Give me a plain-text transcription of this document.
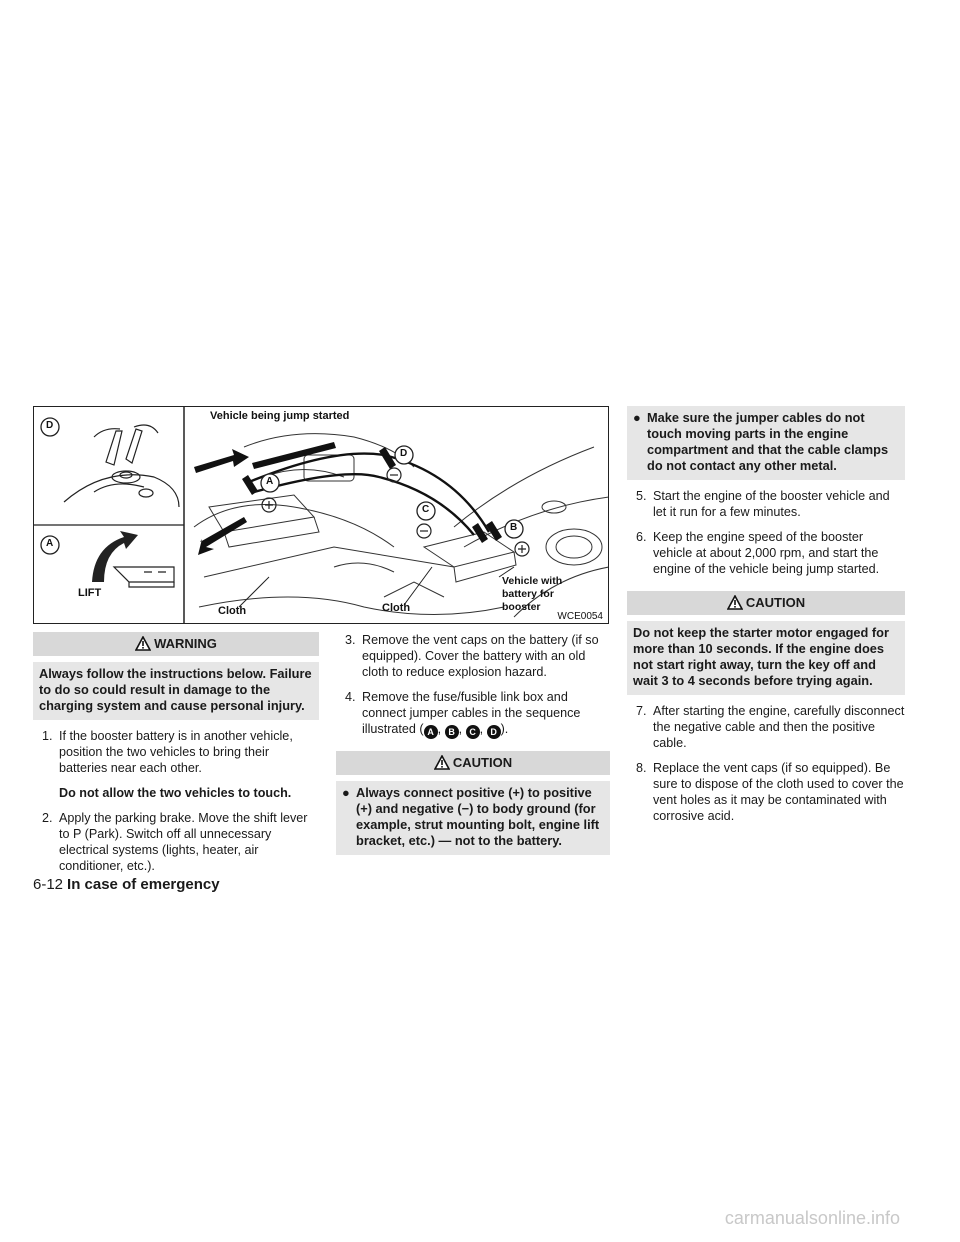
Vehicle being jump started
Vehicle with
battery for
booster
Cloth	Cloth
LIFT
A
D
C
B
D
A
WCE0054
WARNING
Always follow the instructions below. Failure to do so could result in damage to the charging system and cause personal injury.
1. If the booster battery is in another vehicle, position the two vehicles to bring their batteries near each other.
Do not allow the two vehicles to touch.
2. Apply the parking brake. Move the shift lever to P (Park). Switch off all unnecessary electrical systems (lights, heater, air conditioner, etc.).
3. Remove the vent caps on the battery (if so equipped). Cover the battery with an old cloth to reduce explosion hazard.
4. Remove the fuse/fusible link box and connect jumper cables in the sequence illustrated ( A , B , C , D ).
CAUTION
● Always connect positive (+) to positive (+) and negative (−) to body ground (for example, strut mounting bolt, engine lift bracket, etc.) — not to the battery.
● Make sure the jumper cables do not touch moving parts in the engine compartment and that the cable clamps do not contact any other metal.
5. Start the engine of the booster vehicle and let it run for a few minutes.
6. Keep the engine speed of the booster vehicle at about 2,000 rpm, and start the engine of the vehicle being jump started.
CAUTION
Do not keep the starter motor engaged for more than 10 seconds. If the engine does not start right away, turn the key off and wait 3 to 4 seconds before trying again.
7. After starting the engine, carefully disconnect the negative cable and then the positive cable.
8. Replace the vent caps (if so equipped). Be sure to dispose of the cloth used to cover the vent holes as it may be contaminated with corrosive acid.
6-12 In case of emergency
carmanualsonline.info
